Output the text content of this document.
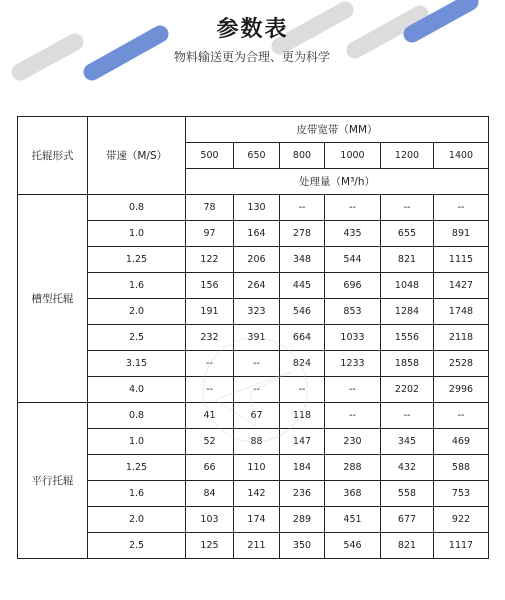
参数表
物料输送更为合理、更为科学
托辊形式	带速（M/S）	皮带宽带（MM）					
		500	650	800	1000	1200	1400
		处理量（M³/h）					
槽型托辊	0.8	78	130	--	--	--	--
	1.0	97	164	278	435	655	891
	1.25	122	206	348	544	821	1115
	1.6	156	264	445	696	1048	1427
	2.0	191	323	546	853	1284	1748
	2.5	232	391	664	1033	1556	2118
	3.15	--	--	824	1233	1858	2528
	4.0	--	--	--	--	2202	2996
平行托辊	0.8	41	67	118	--	--	--
	1.0	52	88	147	230	345	469
	1.25	66	110	184	288	432	588
	1.6	84	142	236	368	558	753
	2.0	103	174	289	451	677	922
	2.5	125	211	350	546	821	1117
